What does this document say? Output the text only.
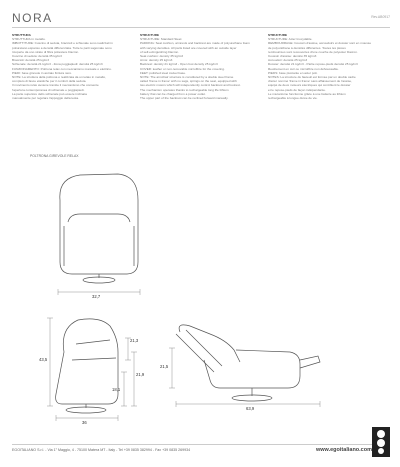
NORA	Rev.AB0917
STRUTTURA
STRUTTURA in metallo.
IMBOTTITURE: Cuscino di seduta, braccioli e schienale sono realizzati in
poliuretano espanso a densità differenziata. Tutte le parti sagomate sono
ricoperte da uno strato di fibra poliestere Dacron.
Cuscino di seduta: densità 35 kg/m3
Braccioli: densità 25 kg/m3
Schienale: densità 21 kg/m3 - Zona poggiapiedi: densità 25 kg/m3
FUNZIONAMENTO: Poltrona relax con meccanismo manuale o elettrico.
PIEDI: base girevole in acciaio finitura nero.
NOTE: La struttura della poltrona è realizzata da un telaio in metallo,
completo di fasce elastiche per il comfort della seduta.
Il movimento relax avviene tramite il meccanismo che consente
l'apertura contemporanea di schienale e poggiapiedi.
La parte superiore dello schienale può essere inclinata
manualmente per regolare l'appoggio della testa.
STRUCTURE
STRUCTURE: Standard Steel.
PADDING: Seat cushion, armrests and backrest are made of polyurethane foam
with varying densities. All parts listed are covered with an outside layer
of self-extinguishing Dacron.
Seat cushion: density 35 kg/m3
Arms: density 25 kg/m3
Backrest: density 21 kg/m3 - Open foot density 25 kg/m3
COVER: leather or non-removable microfibre for the covering.
FEET: polished steel swivel base.
NOTE: The armchair structure is constituted by a double steel frame
called 'frame in frame' with no sags, springs on the seat, equipped with
two electric motors which will independently control backrest and footrest.
The mechanism operates thanks to rechargeable long life lithium
battery that can be charged from a power outlet.
The upper part of the backrest can be reclined forward manually.
STRUCTURE
STRUCTURE: Acier Inoxydable.
REMBOURRAGE: Coussin d'assise, accoudoirs et dossier sont en mousse
de polyuréthane à densités différentes. Toutes les pièces
rembourrées sont recouvertes d'une couche de polyester Dacron.
Coussin d'assise: densité 35 kg/m3
Accoudoir: densité 25 kg/m3
Dossier: densité 21 kg/m3 - Partie repose-pieds densité 25 kg/m3
Revêtement en cuir ou microfibre non déhoussable.
PIEDS: base pivotante en acier poli.
NOTES: La structure du fauteuil est formée par un double cadre
d'acier nommé 'frame in frame' sans affaissement de l'assise,
équipé de deux moteurs électriques qui contrôlent le dossier
et le repose-pieds de façon indépendante.
Le mécanisme fonctionne grâce à une batterie au lithium
rechargeable à longue durée de vie.
POLTRONA GIREVOLE RELAX
32,7
43,5
21,3
21,9
18,1
36
21,5
63,9
EGOITALIANO S.r.l. - Via 1° Maggio, 4 - 75100 Matera MT - Italy - Tel +39 0835 382994 - Fax +39 0835 269934	www.egoitaliano.com
